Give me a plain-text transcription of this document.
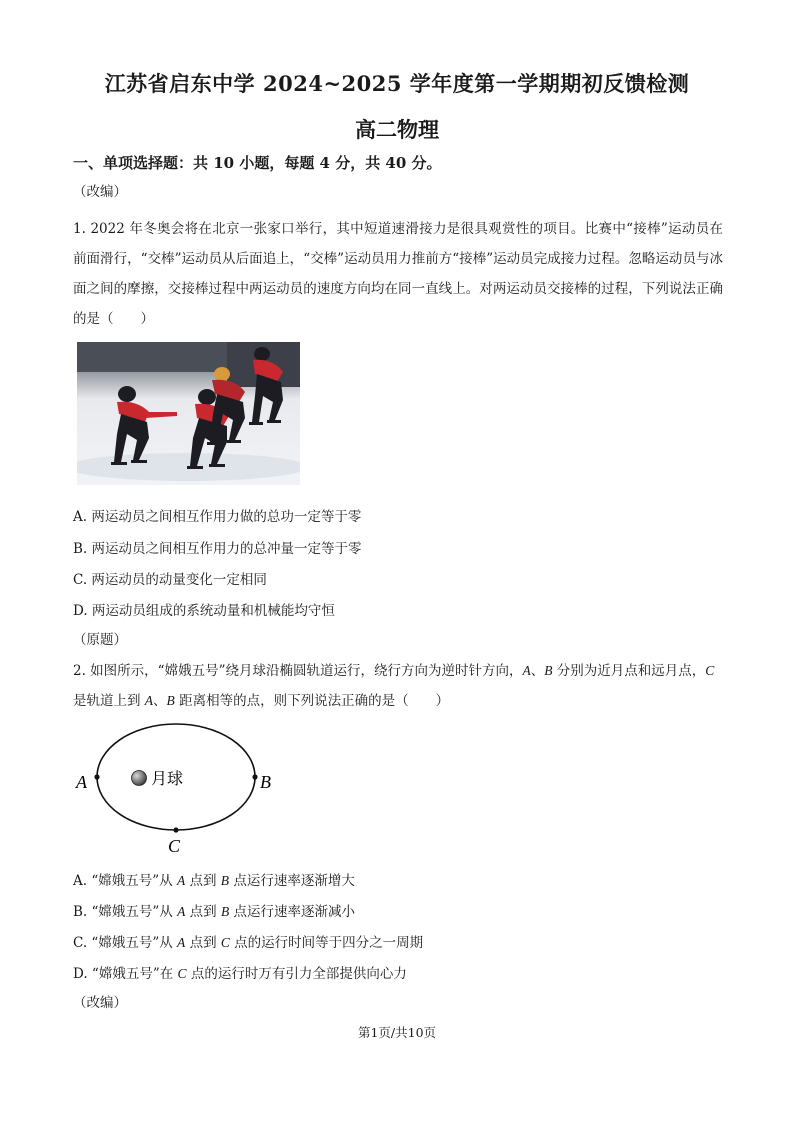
江苏省启东中学 2024~2025 学年度第一学期期初反馈检测
高二物理
一、单项选择题：共 10 小题，每题 4 分，共 40 分。
（改编）
1. 2022 年冬奥会将在北京一张家口举行，其中短道速滑接力是很具观赏性的项目。比赛中“接棒”运动员在前面滑行，“交棒”运动员从后面追上，“交棒”运动员用力推前方“接棒”运动员完成接力过程。忽略运动员与冰面之间的摩擦，交接棒过程中两运动员的速度方向均在同一直线上。对两运动员交接棒的过程，下列说法正确的是（　　）
A. 两运动员之间相互作用力做的总功一定等于零
B. 两运动员之间相互作用力的总冲量一定等于零
C. 两运动员的动量变化一定相同
D. 两运动员组成的系统动量和机械能均守恒
（原题）
2. 如图所示，“嫦娥五号”绕月球沿椭圆轨道运行，绕行方向为逆时针方向，A、B 分别为近月点和远月点，C 是轨道上到 A、B 距离相等的点，则下列说法正确的是（　　）
月球
A	B
C
A. “嫦娥五号”从 A 点到 B 点运行速率逐渐增大
B. “嫦娥五号”从 A 点到 B 点运行速率逐渐减小
C. “嫦娥五号”从 A 点到 C 点的运行时间等于四分之一周期
D. “嫦娥五号”在 C 点的运行时万有引力全部提供向心力
（改编）
第1页/共10页
